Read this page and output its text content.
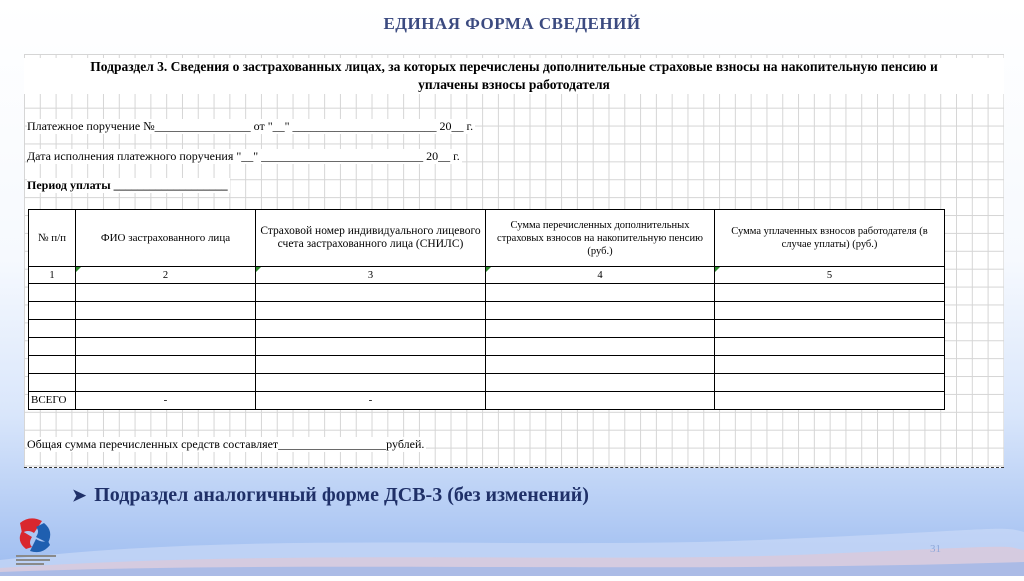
ЕДИНАЯ ФОРМА СВЕДЕНИЙ
Подраздел 3. Сведения о застрахованных лицах, за которых перечислены дополнительные страховые взносы на накопительную пенсию и
уплачены взносы работодателя
Платежное поручение №________________ от "__" ________________________ 20__ г.
Дата исполнения платежного поручения "__" ___________________________ 20__ г.
Период уплаты ___________________
№ п/п	ФИО застрахованного лица	Страховой номер индивидуального лицевого счета застрахованного лица (СНИЛС)	Сумма перечисленных дополнительных страховых взносов на накопительную пенсию (руб.)	Сумма уплаченных взносов работодателя (в случае уплаты) (руб.)
1	2	3	4	5

ВСЕГО	-	-		
Общая сумма перечисленных средств составляет__________________рублей.
➤ Подраздел аналогичный форме ДСВ-3 (без изменений)
31
